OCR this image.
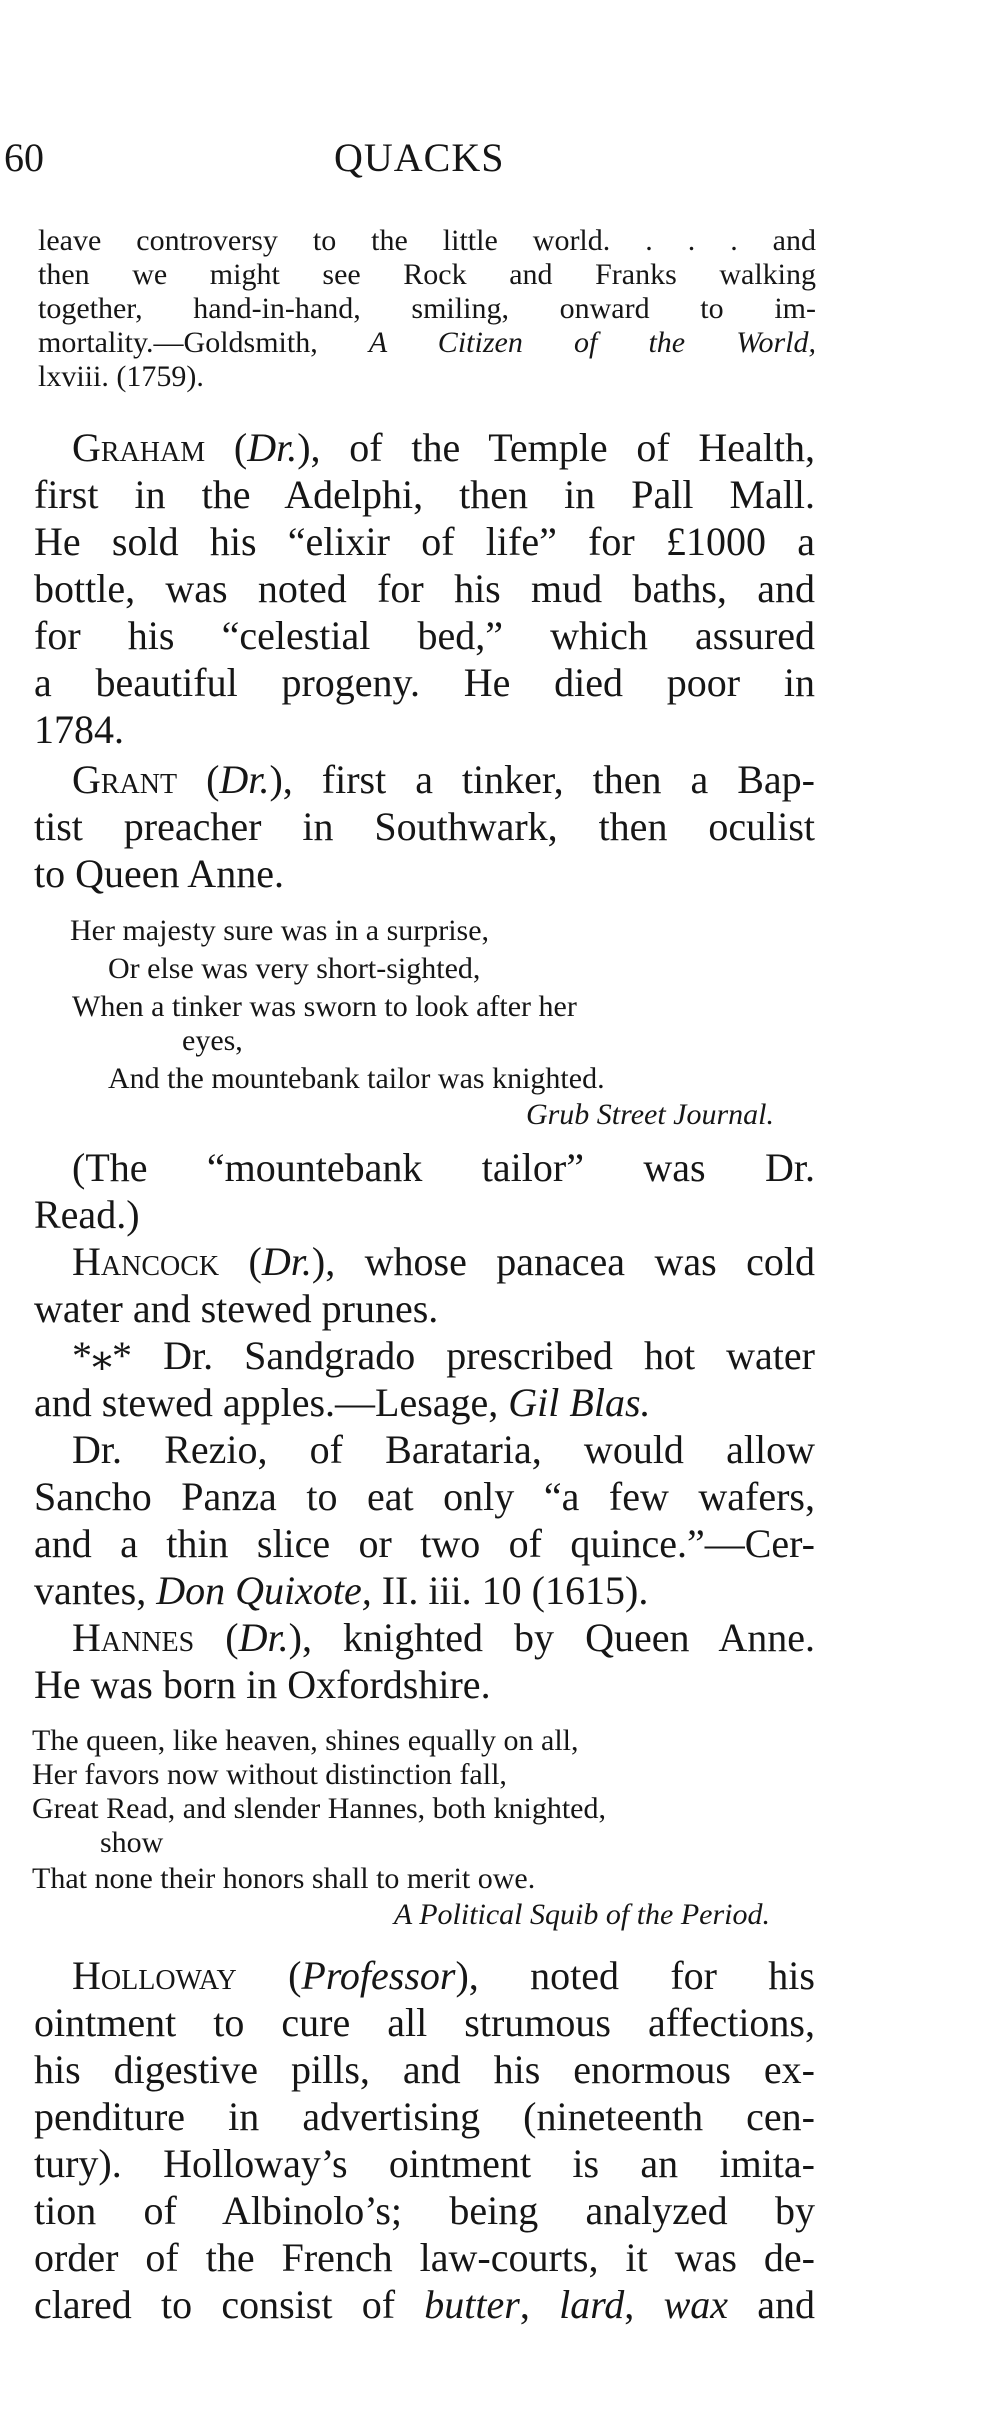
60	QUACKS
leave controversy to the little world. . . . and
then we might see Rock and Franks walking
together, hand-in-hand, smiling, onward to im-
mortality.—Goldsmith, A Citizen of the World,
lxviii. (1759).
Graham (Dr.), of the Temple of Health,
first in the Adelphi, then in Pall Mall.
He sold his “elixir of life” for £1000 a
bottle, was noted for his mud baths, and
for his “celestial bed,” which assured
a beautiful progeny. He died poor in
1784.
Grant (Dr.), first a tinker, then a Bap-
tist preacher in Southwark, then oculist
to Queen Anne.
Her majesty sure was in a surprise,
Or else was very short-sighted,
When a tinker was sworn to look after her
eyes,
And the mountebank tailor was knighted.
Grub Street Journal.
(The “mountebank tailor” was Dr.
Read.)
Hancock (Dr.), whose panacea was cold
water and stewed prunes.
*⁎* Dr. Sandgrado prescribed hot water
and stewed apples.—Lesage, Gil Blas.
Dr. Rezio, of Barataria, would allow
Sancho Panza to eat only “a few wafers,
and a thin slice or two of quince.”—Cer-
vantes, Don Quixote, II. iii. 10 (1615).
Hannes (Dr.), knighted by Queen Anne.
He was born in Oxfordshire.
The queen, like heaven, shines equally on all,
Her favors now without distinction fall,
Great Read, and slender Hannes, both knighted,
show
That none their honors shall to merit owe.
A Political Squib of the Period.
Holloway (Professor), noted for his
ointment to cure all strumous affections,
his digestive pills, and his enormous ex-
penditure in advertising (nineteenth cen-
tury). Holloway’s ointment is an imita-
tion of Albinolo’s; being analyzed by
order of the French law-courts, it was de-
clared to consist of butter, lard, wax and
